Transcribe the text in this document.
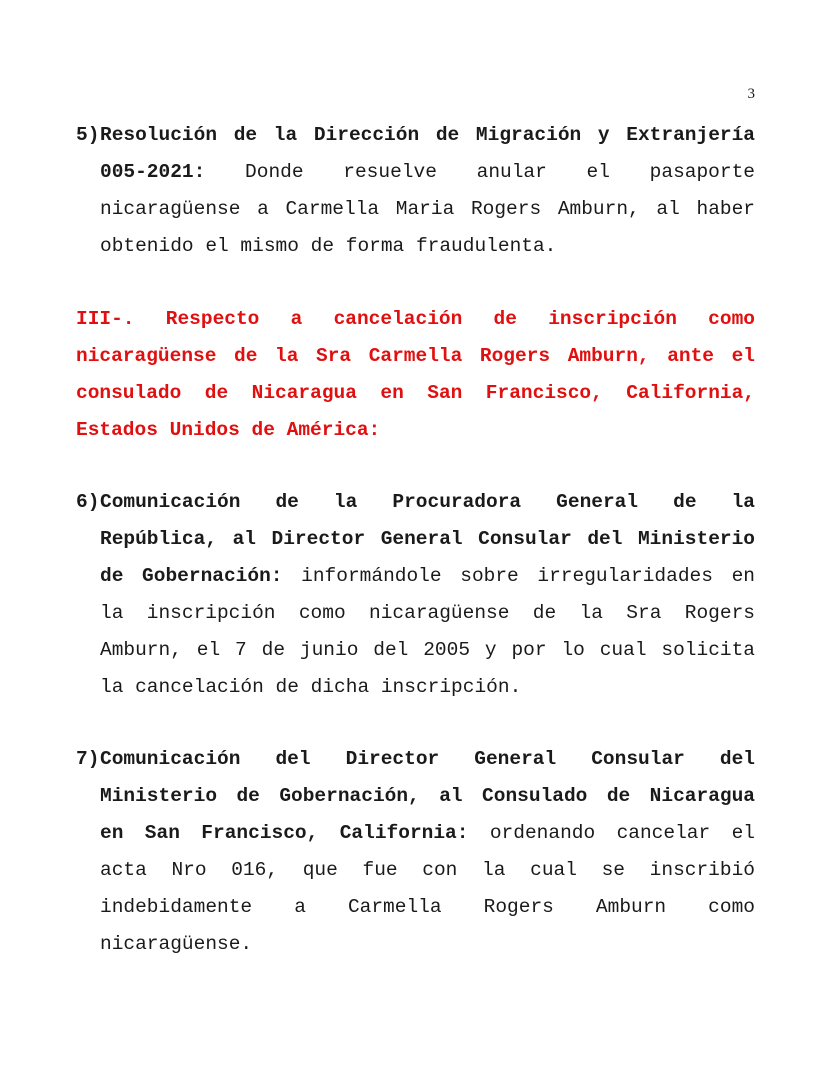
3
5) Resolución de la Dirección de Migración y Extranjería
005-2021: Donde resuelve anular el pasaporte
nicaragüense a Carmella Maria Rogers Amburn, al haber
obtenido el mismo de forma fraudulenta.
III-. Respecto a cancelación de inscripción como
nicaragüense de la Sra Carmella Rogers Amburn, ante el
consulado de Nicaragua en San Francisco, California,
Estados Unidos de América:
6) Comunicación de la Procuradora General de la
República, al Director General Consular del Ministerio
de Gobernación: informándole sobre irregularidades en
la inscripción como nicaragüense de la Sra Rogers
Amburn, el 7 de junio del 2005 y por lo cual solicita
la cancelación de dicha inscripción.
7) Comunicación del Director General Consular del
Ministerio de Gobernación, al Consulado de Nicaragua
en San Francisco, California: ordenando cancelar el
acta Nro 016, que fue con la cual se inscribió
indebidamente a Carmella Rogers Amburn como
nicaragüense.
